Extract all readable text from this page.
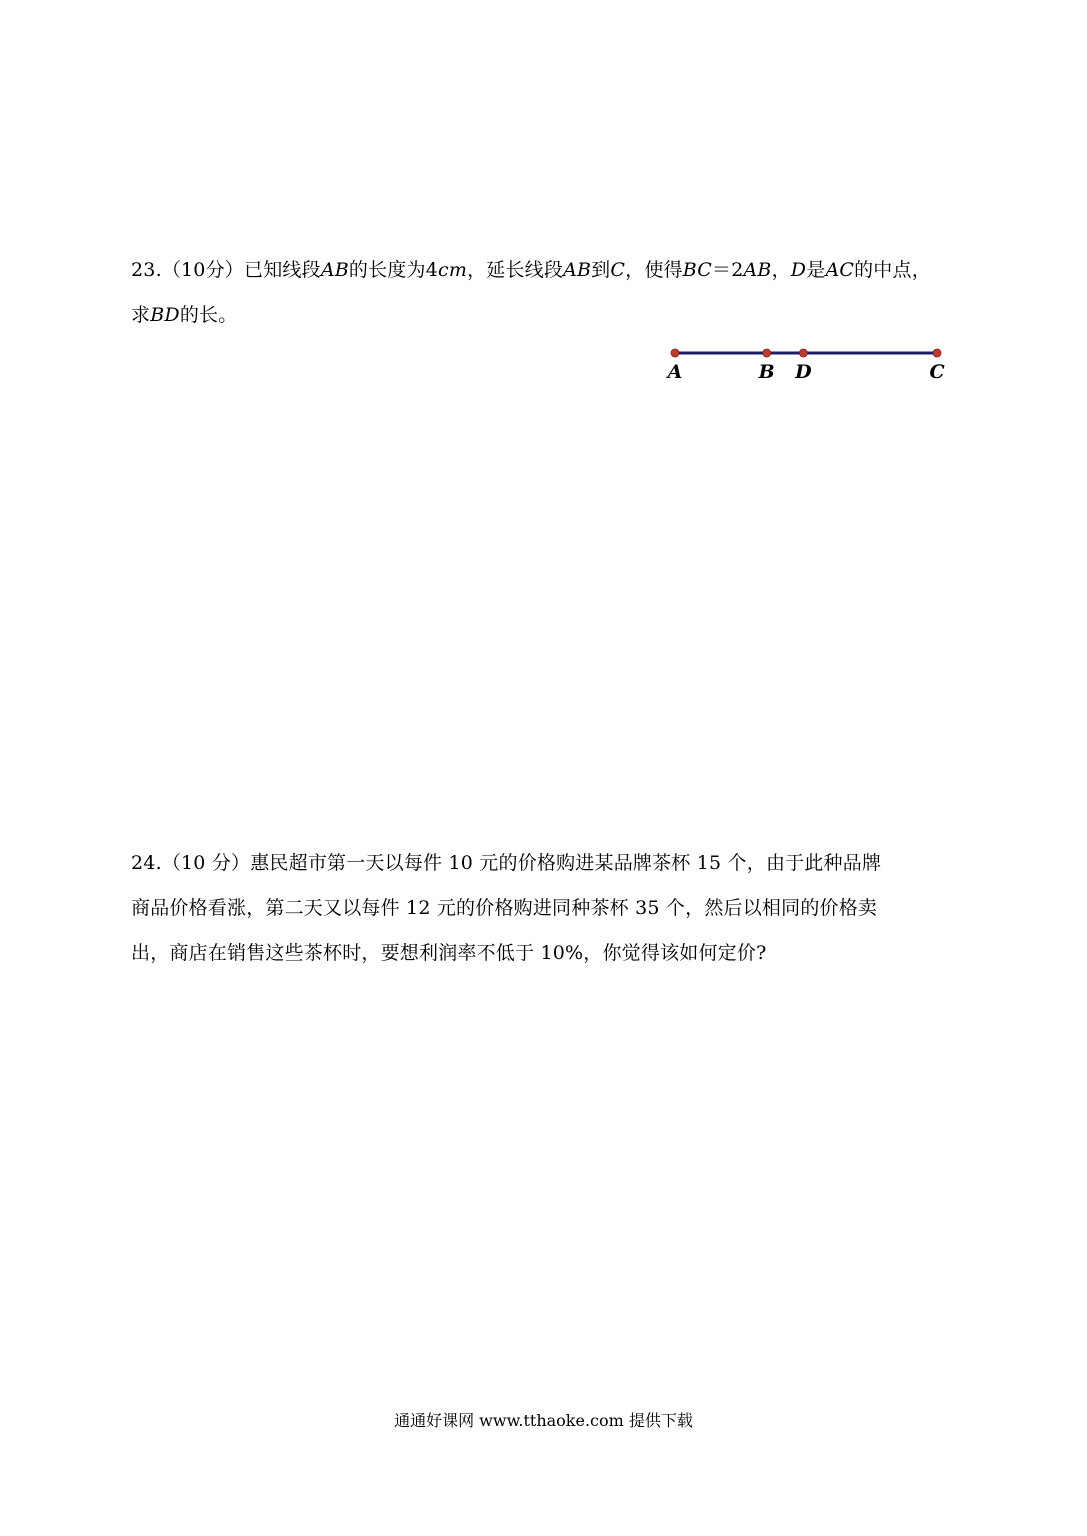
23.（10分）已知线段AB的长度为4cm，延长线段AB到C，使得BC＝2AB，D是AC的中点，
求BD的长。
A	B D	C
24.（10 分）惠民超市第一天以每件 10 元的价格购进某品牌茶杯 15 个，由于此种品牌
商品价格看涨，第二天又以每件 12 元的价格购进同种茶杯 35 个，然后以相同的价格卖
出，商店在销售这些茶杯时，要想利润率不低于 10%，你觉得该如何定价?
通通好课网 www.tthaoke.com 提供下载
